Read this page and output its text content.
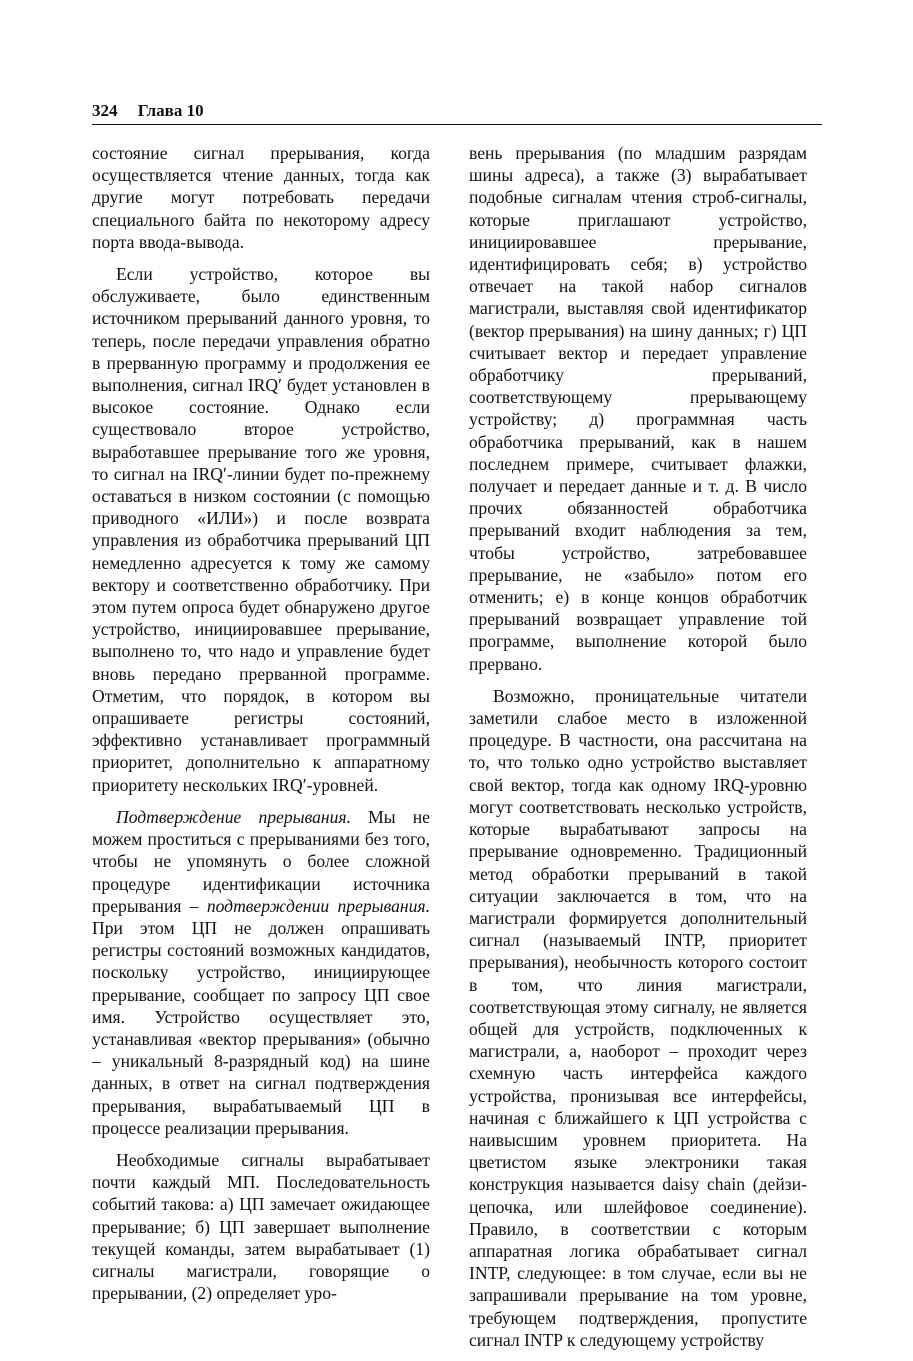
324 Глава 10

состояние сигнал прерывания, когда осуществляется чтение данных, тогда как другие могут потребовать передачи специального байта по некоторому адресу порта ввода-вывода.

Если устройство, которое вы обслуживаете, было единственным источником прерываний данного уровня, то теперь, после передачи управления обратно в прерванную программу и продолжения ее выполнения, сигнал IRQ′ будет установлен в высокое состояние. Однако если существовало второе устройство, выработавшее прерывание того же уровня, то сигнал на IRQ′-линии будет по-прежнему оставаться в низком состоянии (с помощью приводного «ИЛИ») и после возврата управления из обработчика прерываний ЦП немедленно адресуется к тому же самому вектору и соответственно обработчику. При этом путем опроса будет обнаружено другое устройство, инициировавшее прерывание, выполнено то, что надо и управление будет вновь передано прерванной программе. Отметим, что порядок, в котором вы опрашиваете регистры состояний, эффективно устанавливает программный приоритет, дополнительно к аппаратному приоритету нескольких IRQ′-уровней.

Подтверждение прерывания. Мы не можем проститься с прерываниями без того, чтобы не упомянуть о более сложной процедуре идентификации источника прерывания – подтверждении прерывания. При этом ЦП не должен опрашивать регистры состояний возможных кандидатов, поскольку устройство, инициирующее прерывание, сообщает по запросу ЦП свое имя. Устройство осуществляет это, устанавливая «вектор прерывания» (обычно – уникальный 8-разрядный код) на шине данных, в ответ на сигнал подтверждения прерывания, вырабатываемый ЦП в процессе реализации прерывания.

Необходимые сигналы вырабатывает почти каждый МП. Последовательность событий такова: а) ЦП замечает ожидающее прерывание; б) ЦП завершает выполнение текущей команды, затем вырабатывает (1) сигналы магистрали, говорящие о прерывании, (2) определяет уро-

вень прерывания (по младшим разрядам шины адреса), а также (3) вырабатывает подобные сигналам чтения строб-сигналы, которые приглашают устройство, инициировавшее прерывание, идентифицировать себя; в) устройство отвечает на такой набор сигналов магистрали, выставляя свой идентификатор (вектор прерывания) на шину данных; г) ЦП считывает вектор и передает управление обработчику прерываний, соответствующему прерывающему устройству; д) программная часть обработчика прерываний, как в нашем последнем примере, считывает флажки, получает и передает данные и т. д. В число прочих обязанностей обработчика прерываний входит наблюдения за тем, чтобы устройство, затребовавшее прерывание, не «забыло» потом его отменить; е) в конце концов обработчик прерываний возвращает управление той программе, выполнение которой было прервано.

Возможно, проницательные читатели заметили слабое место в изложенной процедуре. В частности, она рассчитана на то, что только одно устройство выставляет свой вектор, тогда как одному IRQ-уровню могут соответствовать несколько устройств, которые вырабатывают запросы на прерывание одновременно. Традиционный метод обработки прерываний в такой ситуации заключается в том, что на магистрали формируется дополнительный сигнал (называемый INTP, приоритет прерывания), необычность которого состоит в том, что линия магистрали, соответствующая этому сигналу, не является общей для устройств, подключенных к магистрали, а, наоборот – проходит через схемную часть интерфейса каждого устройства, пронизывая все интерфейсы, начиная с ближайшего к ЦП устройства с наивысшим уровнем приоритета. На цветистом языке электроники такая конструкция называется daisy chain (дейзи-цепочка, или шлейфовое соединение). Правило, в соответствии с которым аппаратная логика обрабатывает сигнал INTP, следующее: в том случае, если вы не запрашивали прерывание на том уровне, требующем подтверждения, пропустите сигнал INTP к следующему устройству
